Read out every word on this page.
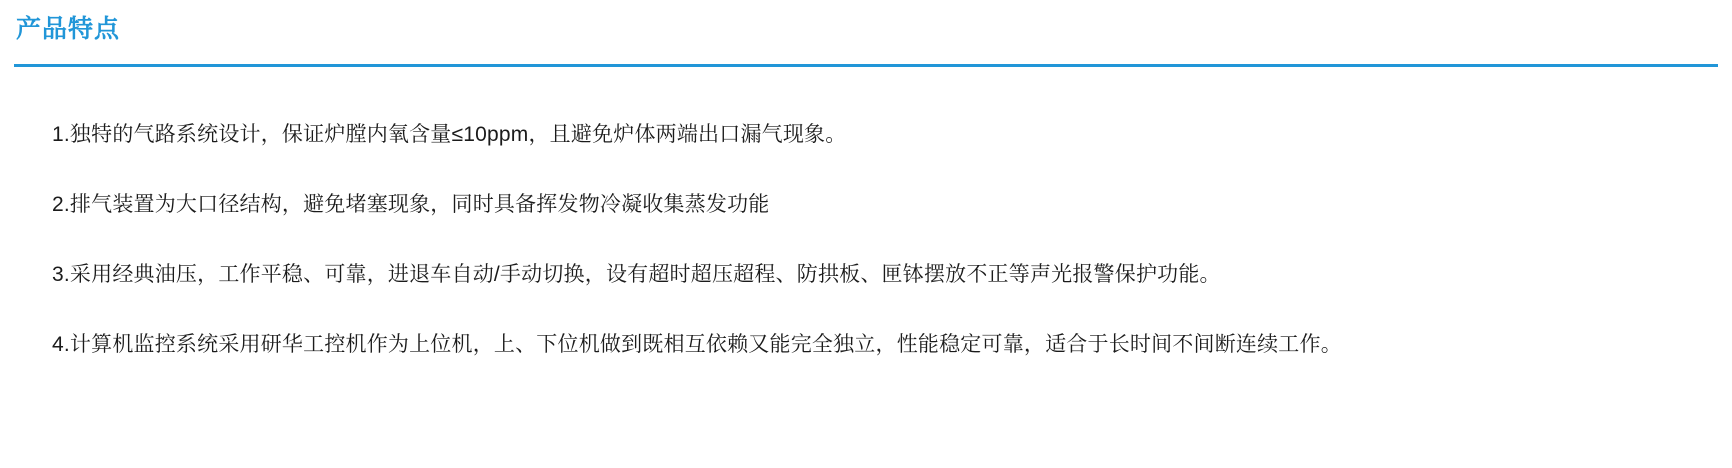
产品特点
1.独特的气路系统设计，保证炉膛内氧含量≤10ppm，且避免炉体两端出口漏气现象。
2.排气装置为大口径结构，避免堵塞现象，同时具备挥发物冷凝收集蒸发功能
3.采用经典油压，工作平稳、可靠，进退车自动/手动切换，设有超时超压超程、防拱板、匣钵摆放不正等声光报警保护功能。
4.计算机监控系统采用研华工控机作为上位机，上、下位机做到既相互依赖又能完全独立，性能稳定可靠，适合于长时间不间断连续工作。
